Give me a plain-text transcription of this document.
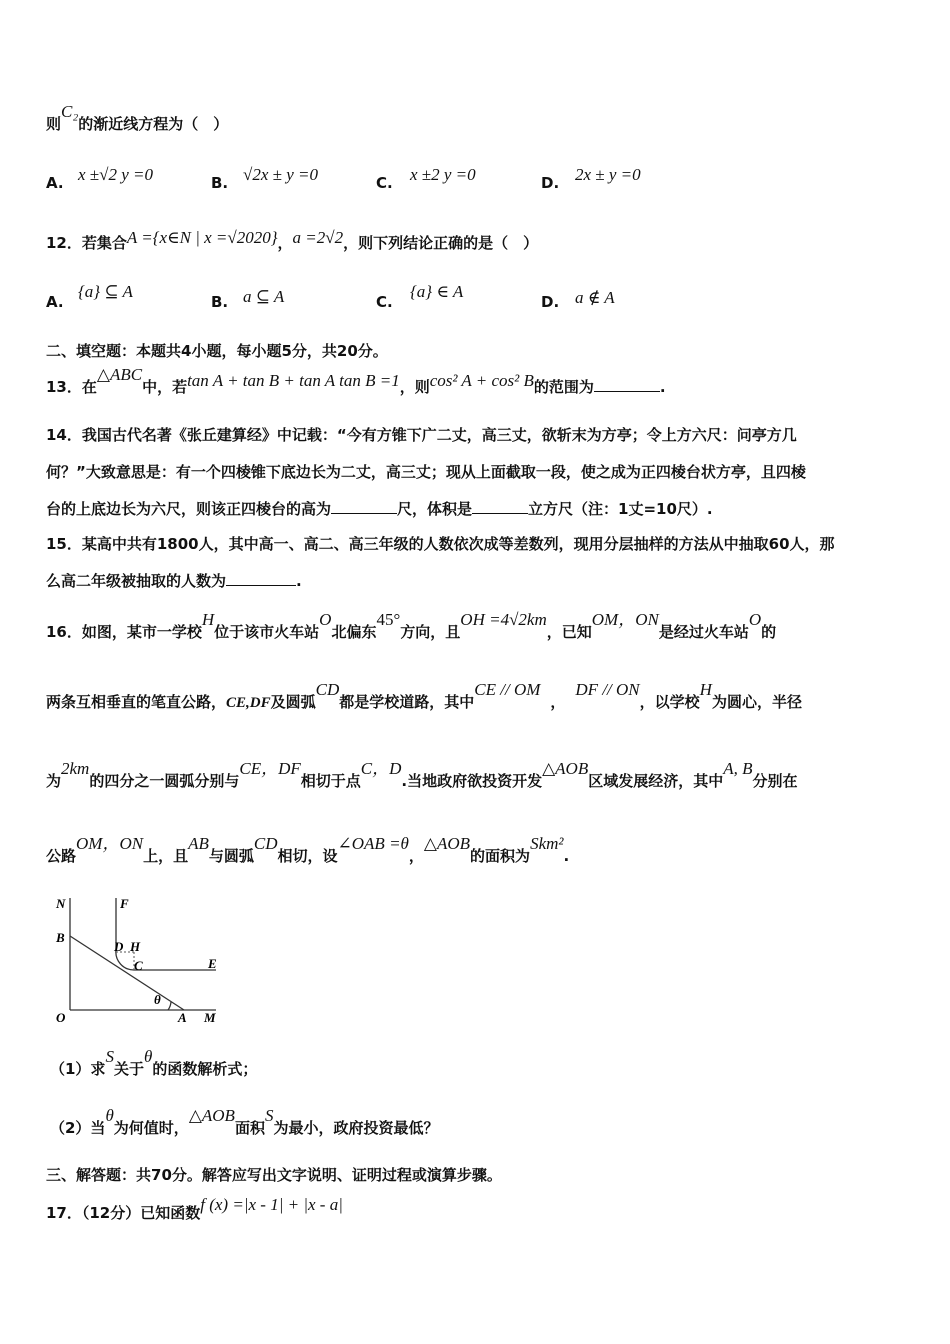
则C₂的渐近线方程为（　）
A. x ±√2 y =0	B. √2x ± y =0	C. x ±2 y =0	D. 2x ± y =0
12．若集合A ={x∈N | x =√2020}，a =2√2，则下列结论正确的是（　）
A.
{a} ⊆ A
B. a ⊆ A	C.
{a} ∈ A
D. a ∉ A
二、填空题：本题共4小题，每小题5分，共20分。
13．在△ABC中，若tan A + tan B + tan A tan B =1，则cos² A + cos² B的范围为	.
14．我国古代名著《张丘建算经》中记载：“今有方锥下广二丈，高三丈，欲斩末为方亭；令上方六尺：问亭方几
何？”大致意思是：有一个四棱锥下底边长为二丈，高三丈；现从上面截取一段，使之成为正四棱台状方亭，且四棱
台的上底边长为六尺，则该正四棱台的高为	尺，体积是	立方尺（注：1丈=10尺）.
15．某高中共有1800人，其中高一、高二、高三年级的人数依次成等差数列，现用分层抽样的方法从中抽取60人，那
么高二年级被抽取的人数为	.
16．如图，某市一学校H位于该市火车站O北偏东45°方向，且OH =4√2km，已知OM，ON是经过火车站O的
两条互相垂直的笔直公路，CE,DF及圆弧CD都是学校道路，其中CE // OM，DF // ON，以学校H为圆心，半径
为2km的四分之一圆弧分别与CE，DF相切于点C，D.当地政府欲投资开发△AOB区域发展经济，其中A, B分别在
公路OM，ON上，且AB与圆弧CD相切，设∠OAB =θ，△AOB的面积为Skm².
N	F
B
D H
C	E
θ
O	A M
（1）求S关于θ的函数解析式；
（2）当θ为何值时，△AOB面积S为最小，政府投资最低？
三、解答题：共70分。解答应写出文字说明、证明过程或演算步骤。
17．（12分）已知函数f (x) =|x - 1| + |x - a|
